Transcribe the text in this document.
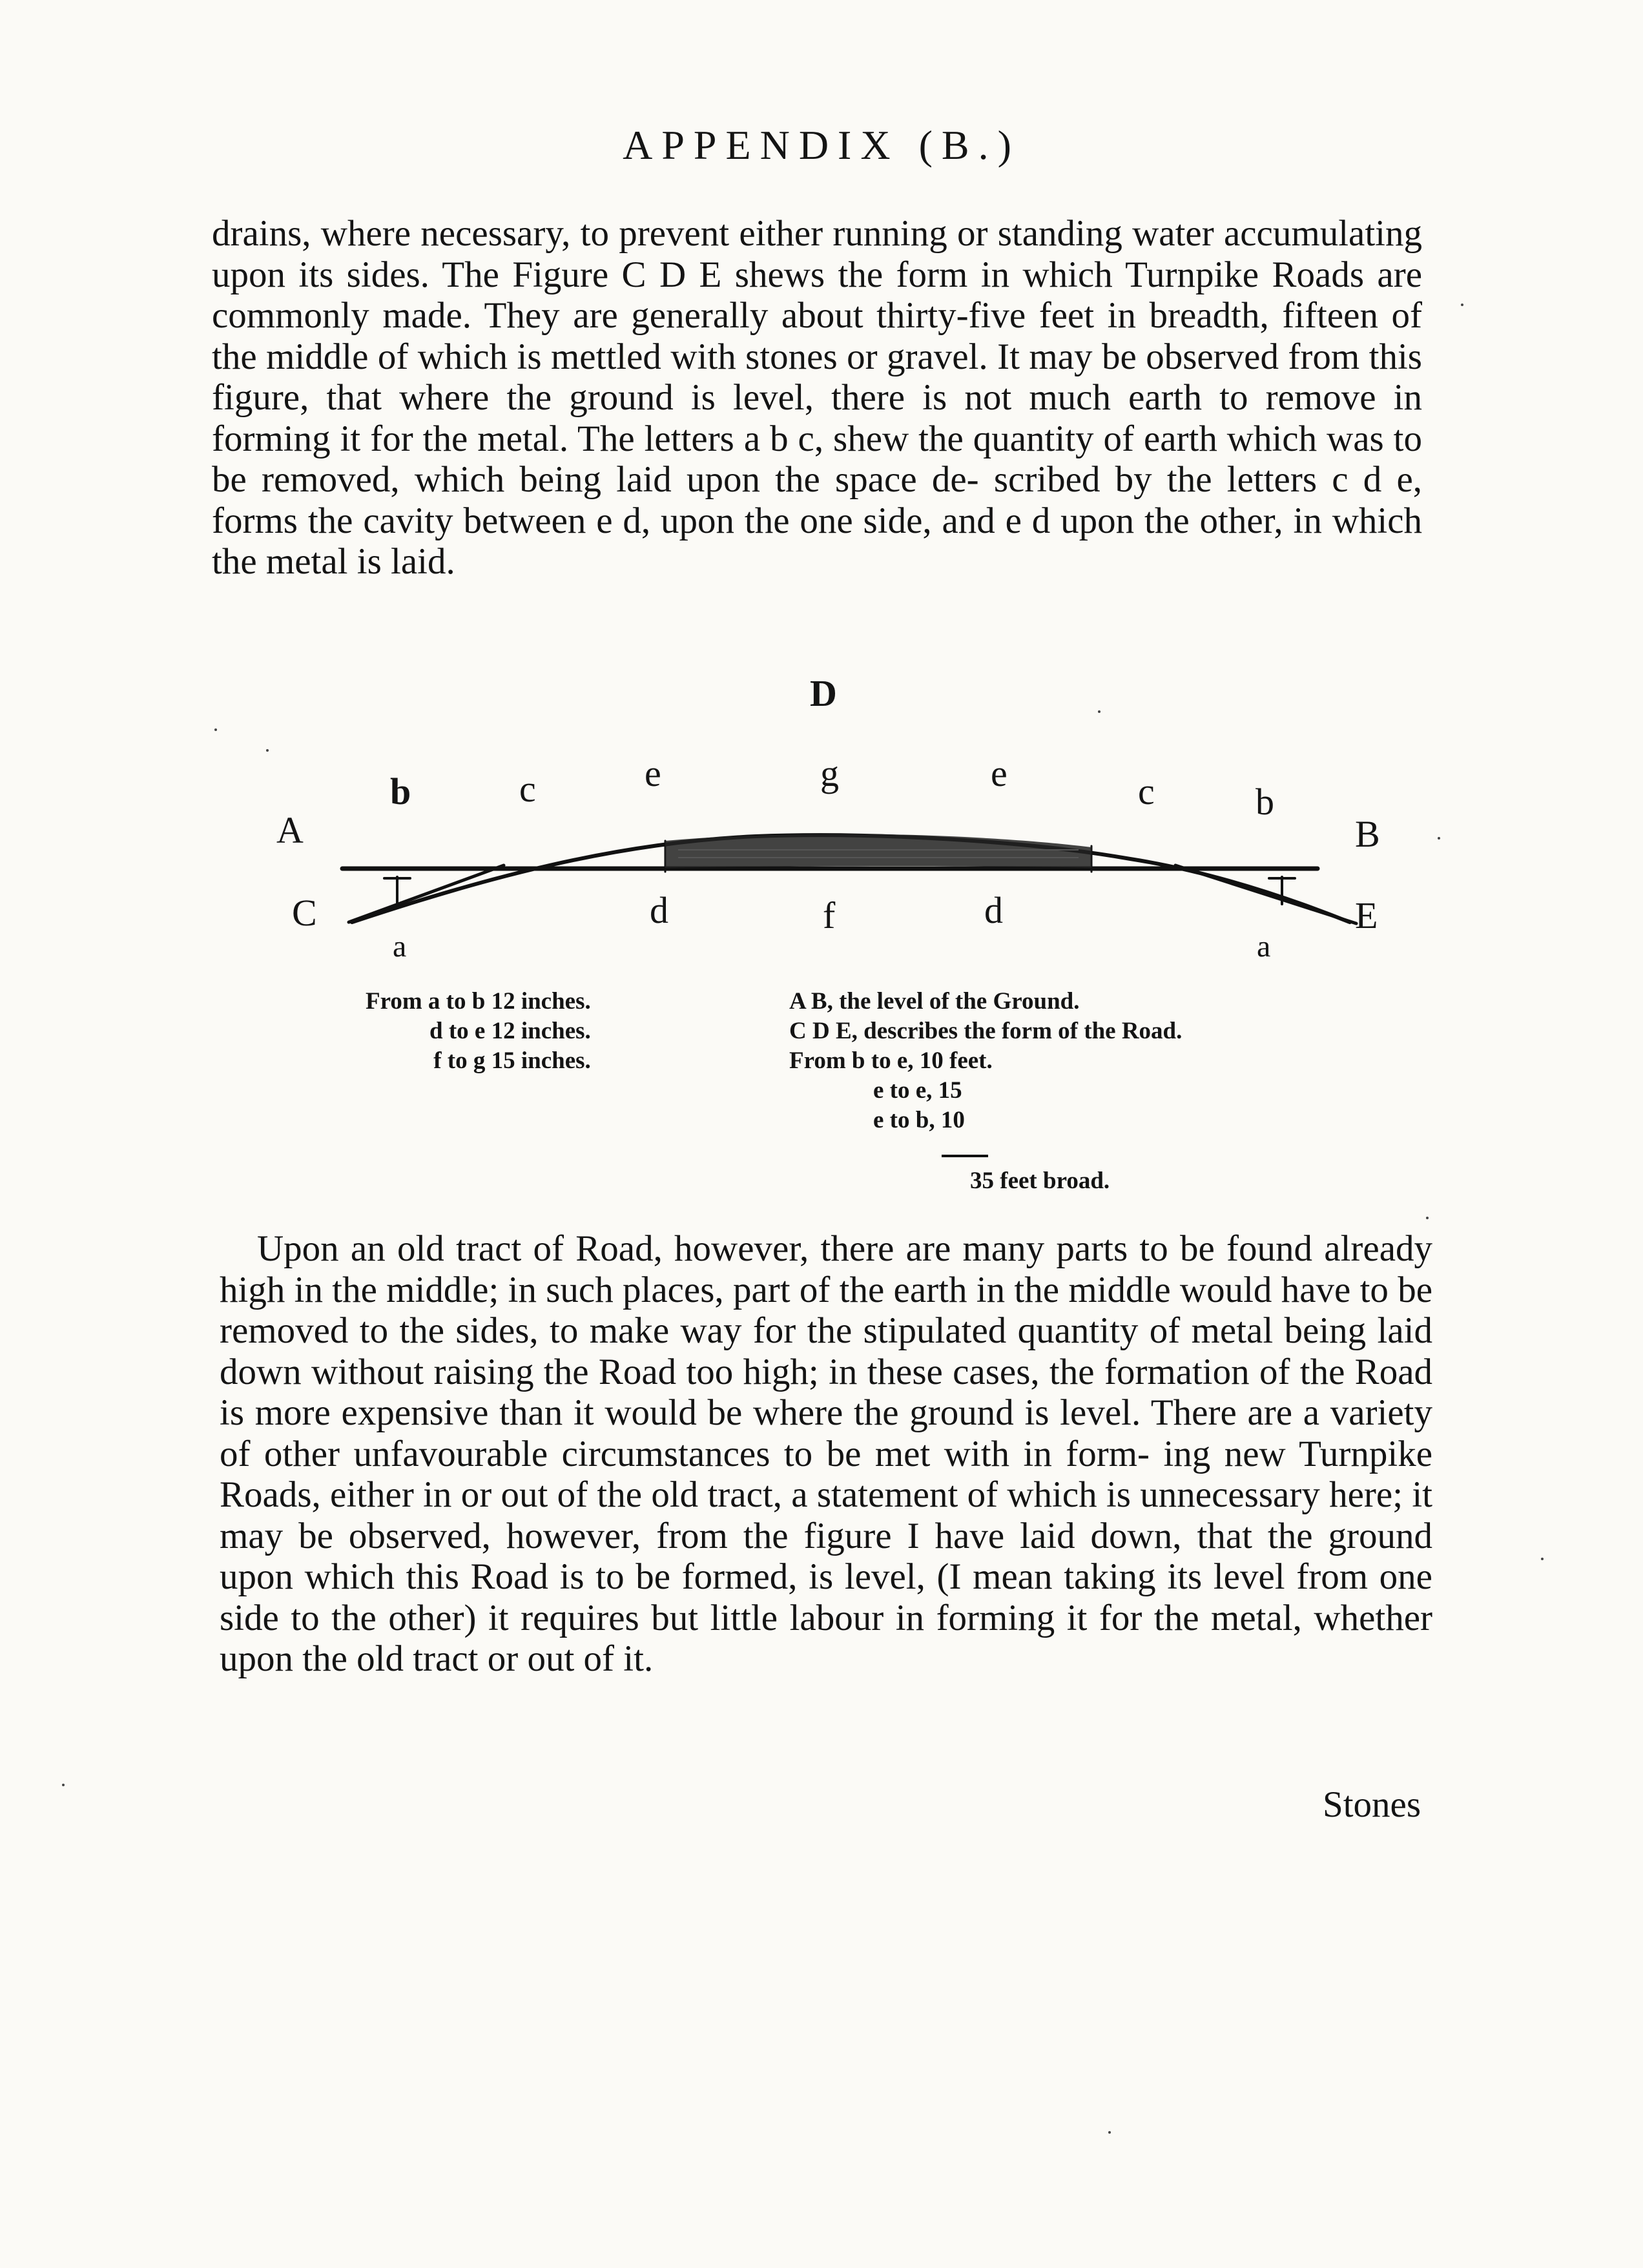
APPENDIX (B.)
drains, where necessary, to prevent either running or standing water accumulating upon its sides. The Figure C D E shews the form in which Turnpike Roads are commonly made. They are generally about thirty-five feet in breadth, fifteen of the middle of which is mettled with stones or gravel. It may be observed from this figure, that where the ground is level, there is not much earth to remove in forming it for the metal. The letters a b c, shew the quantity of earth which was to be removed, which being laid upon the space de- scribed by the letters c d e, forms the cavity between e d, upon the one side, and e d upon the other, in which the metal is laid.
D
A	B
C	E
b	c	e	g	e	c	b
d	f	d
a	a
From a to b 12 inches.
d to e 12 inches.
f to g 15 inches.
A B, the level of the Ground.
C D E, describes the form of the Road.
From b to e, 10 feet.
e to e, 15
e to b, 10
35 feet broad.
Upon an old tract of Road, however, there are many parts to be found already high in the middle; in such places, part of the earth in the middle would have to be removed to the sides, to make way for the stipulated quantity of metal being laid down without raising the Road too high; in these cases, the formation of the Road is more expensive than it would be where the ground is level. There are a variety of other unfavourable circumstances to be met with in form- ing new Turnpike Roads, either in or out of the old tract, a statement of which is unnecessary here; it may be observed, however, from the figure I have laid down, that the ground upon which this Road is to be formed, is level, (I mean taking its level from one side to the other) it requires but little labour in forming it for the metal, whether upon the old tract or out of it.
Stones
